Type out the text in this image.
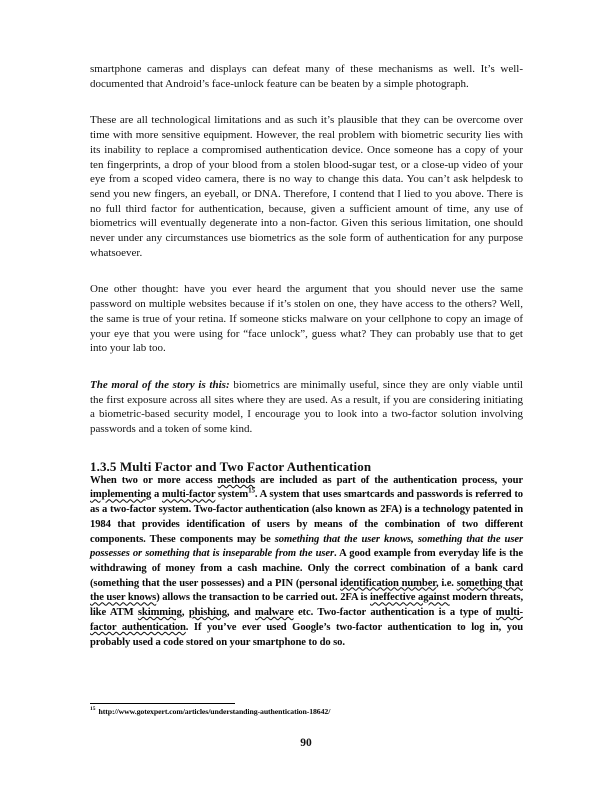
smartphone cameras and displays can defeat many of these mechanisms as well. It’s well-documented that Android’s face-unlock feature can be beaten by a simple photograph.

These are all technological limitations and as such it’s plausible that they can be overcome over time with more sensitive equipment. However, the real problem with biometric security lies with its inability to replace a compromised authentication device. Once someone has a copy of your ten fingerprints, a drop of your blood from a stolen blood-sugar test, or a close-up video of your eye from a scoped video camera, there is no way to change this data. You can’t ask helpdesk to send you new fingers, an eyeball, or DNA. Therefore, I contend that I lied to you above. There is no full third factor for authentication, because, given a sufficient amount of time, any use of biometrics will eventually degenerate into a non-factor. Given this serious limitation, one should never under any circumstances use biometrics as the sole form of authentication for any purpose whatsoever.

One other thought: have you ever heard the argument that you should never use the same password on multiple websites because if it’s stolen on one, they have access to the others? Well, the same is true of your retina. If someone sticks malware on your cellphone to copy an image of your eye that you were using for “face unlock”, guess what? They can probably use that to get into your lab too.

The moral of the story is this: biometrics are minimally useful, since they are only viable until the first exposure across all sites where they are used. As a result, if you are considering initiating a biometric-based security model, I encourage you to look into a two-factor solution involving passwords and a token of some kind.

1.3.5 Multi Factor and Two Factor Authentication

When two or more access methods are included as part of the authentication process, your implementing a multi-factor system$^{15}$. A system that uses smartcards and passwords is referred to as a two-factor system. Two-factor authentication (also known as 2FA) is a technology patented in 1984 that provides identification of users by means of the combination of two different components. These components may be something that the user knows, something that the user possesses or something that is inseparable from the user. A good example from everyday life is the withdrawing of money from a cash machine. Only the correct combination of a bank card (something that the user possesses) and a PIN (personal identification number, i.e. something that the user knows) allows the transaction to be carried out. 2FA is ineffective against modern threats, like ATM skimming, phishing, and malware etc. Two-factor authentication is a type of multi-factor authentication. If you’ve ever used Google’s two-factor authentication to log in, you probably used a code stored on your smartphone to do so.

$^{15}$ http://www.gotexpert.com/articles/understanding-authentication-18642/
90
